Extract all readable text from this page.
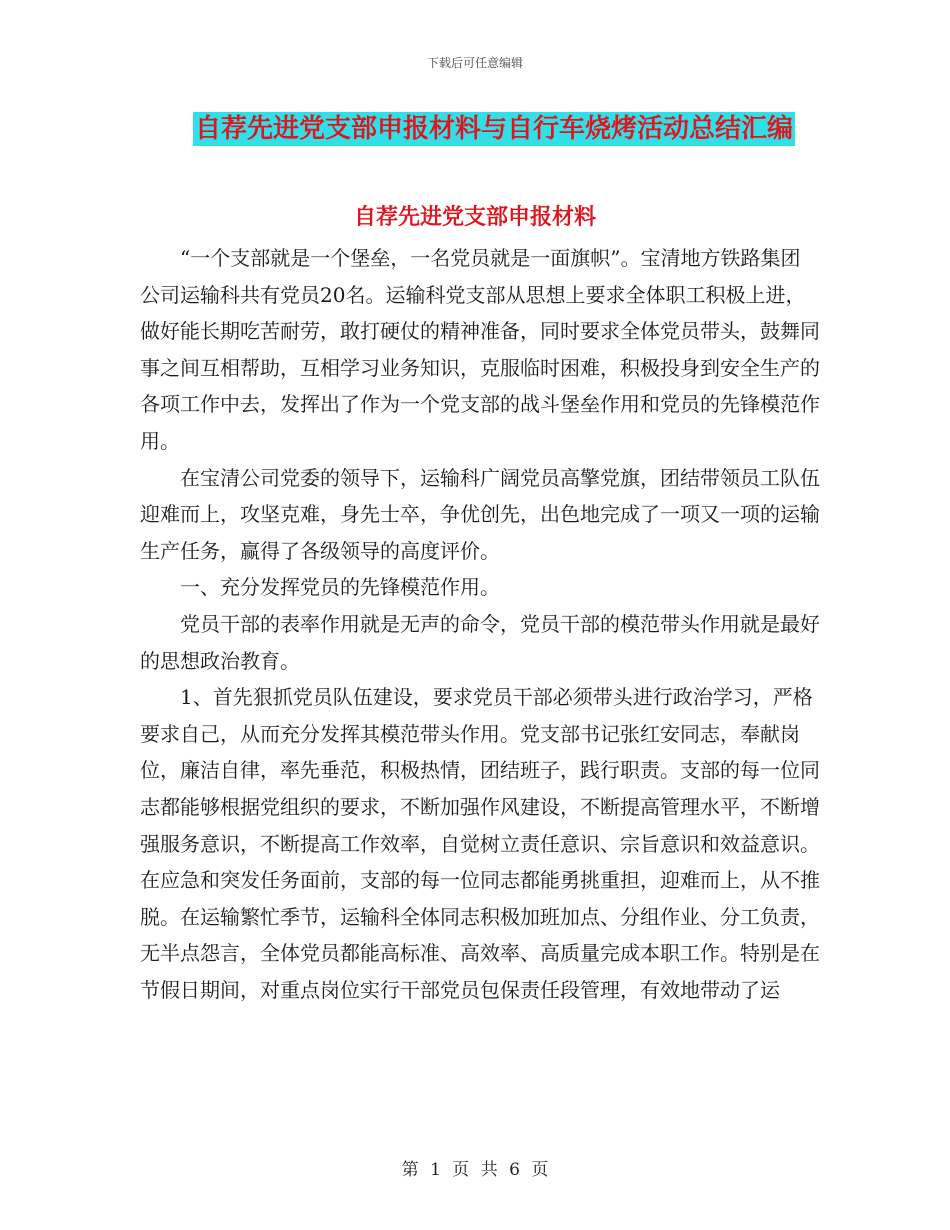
下载后可任意编辑
自荐先进党支部申报材料与自行车烧烤活动总结汇编
自荐先进党支部申报材料

“一个支部就是一个堡垒，一名党员就是一面旗帜”。宝清地方铁路集团公司运输科共有党员20名。运输科党支部从思想上要求全体职工积极上进，做好能长期吃苦耐劳，敢打硬仗的精神准备，同时要求全体党员带头，鼓舞同事之间互相帮助，互相学习业务知识，克服临时困难，积极投身到安全生产的各项工作中去，发挥出了作为一个党支部的战斗堡垒作用和党员的先锋模范作用。

在宝清公司党委的领导下，运输科广阔党员高擎党旗，团结带领员工队伍迎难而上，攻坚克难，身先士卒，争优创先，出色地完成了一项又一项的运输生产任务，赢得了各级领导的高度评价。

一、充分发挥党员的先锋模范作用。

党员干部的表率作用就是无声的命令，党员干部的模范带头作用就是最好的思想政治教育。

1、首先狠抓党员队伍建设，要求党员干部必须带头进行政治学习，严格要求自己，从而充分发挥其模范带头作用。党支部书记张红安同志，奉献岗位，廉洁自律，率先垂范，积极热情，团结班子，践行职责。支部的每一位同志都能够根据党组织的要求，不断加强作风建设，不断提高管理水平，不断增强服务意识，不断提高工作效率，自觉树立责任意识、宗旨意识和效益意识。在应急和突发任务面前，支部的每一位同志都能勇挑重担，迎难而上，从不推脱。在运输繁忙季节，运输科全体同志积极加班加点、分组作业、分工负责，无半点怨言，全体党员都能高标准、高效率、高质量完成本职工作。特别是在节假日期间，对重点岗位实行干部党员包保责任段管理，有效地带动了运

第 1 页 共 6 页
